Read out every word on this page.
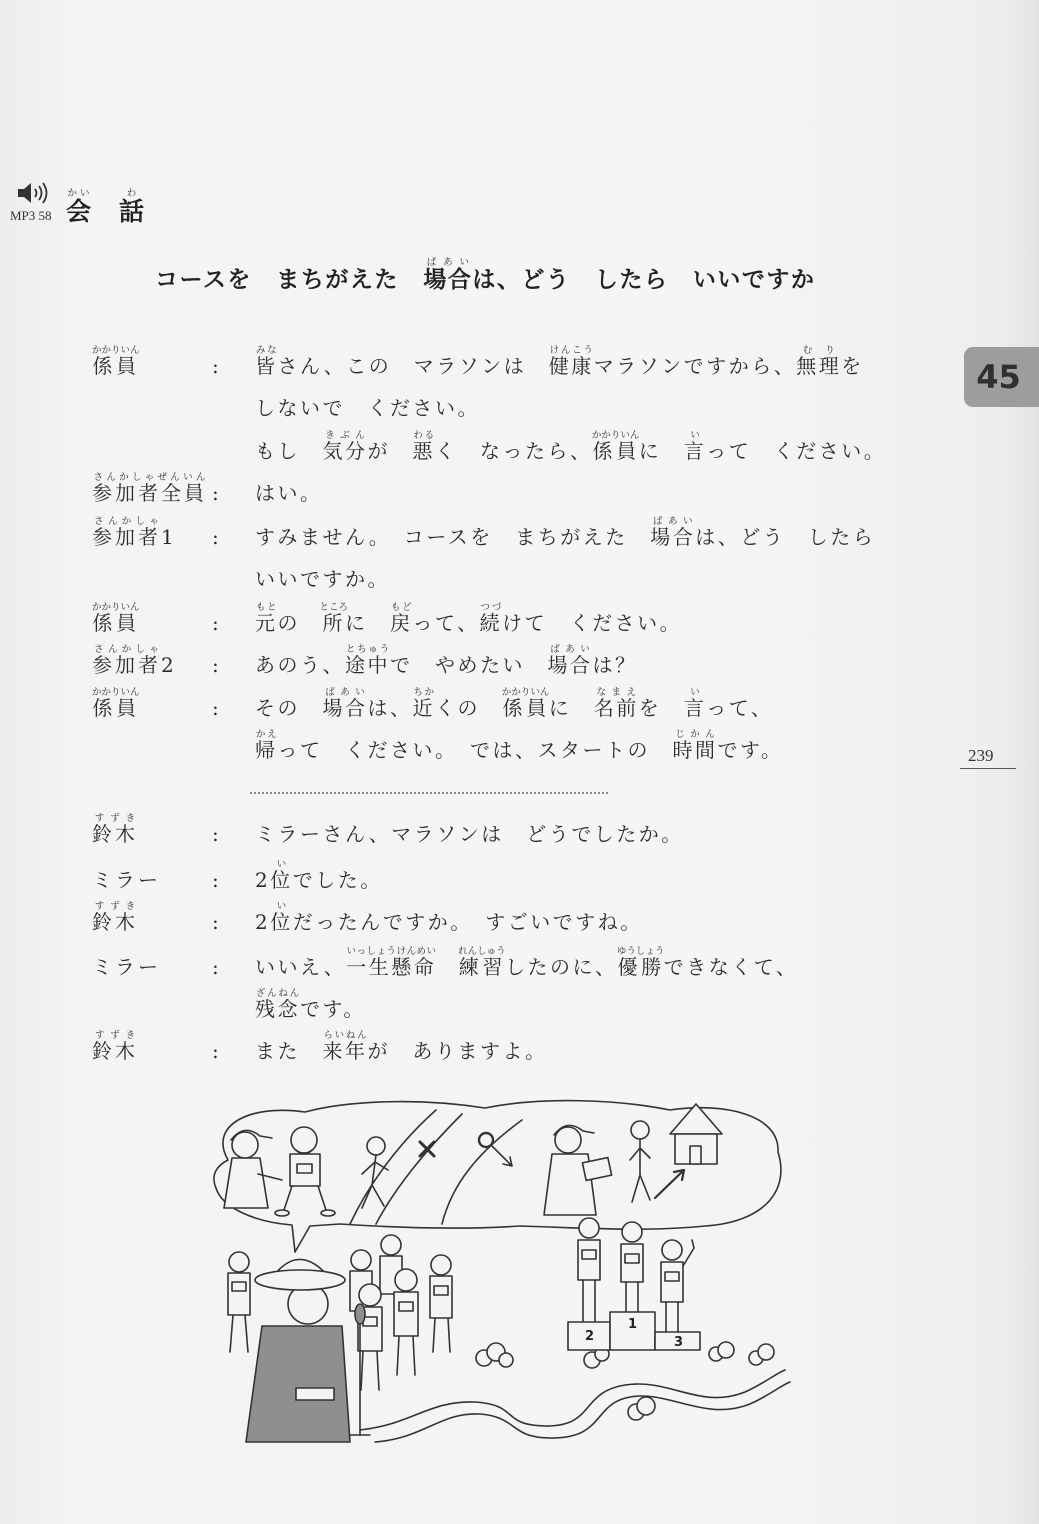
MP3 58 会かい話わ
コースを　まちがえた　場合ばあいは、どう　したら　いいですか
45
239
係員かかりいん
: 皆みなさん、この　マラソンは　健康けんこうマラソンですから、無理むりを
しないで　ください。
もし　気分きぶんが　悪わるく　なったら、係員かかりいんに　言いって　ください。
参加者全員さんかしゃぜんいん
: はい。
参加者さんかしゃ1 : すみません。　コースを　まちがえた　場合ばあいは、どう　したら
いいですか。
係員かかりいん
: 元もとの　所ところに　戻もどって、続つづけて　ください。
参加者さんかしゃ2 : あのう、途中とちゅうで　やめたい　場合ばあいは？
係員かかりいん
: その　場合ばあいは、近ちかくの　係員かかりいんに　名前なまえを　言いって、
帰かえって　ください。　では、スタートの　時間じかんです。
鈴木すずき
: ミラーさん、マラソンは　どうでしたか。
ミラー	: 2位いでした。
鈴木すずき
: 2位いだったんですか。　すごいですね。
ミラー	: いいえ、一生懸命いっしょうけんめい　練習れんしゅうしたのに、優勝ゆうしょうできなくて、
残念ざんねんです。
鈴木すずき
: また　来年らいねんが　ありますよ。
2
1
3
